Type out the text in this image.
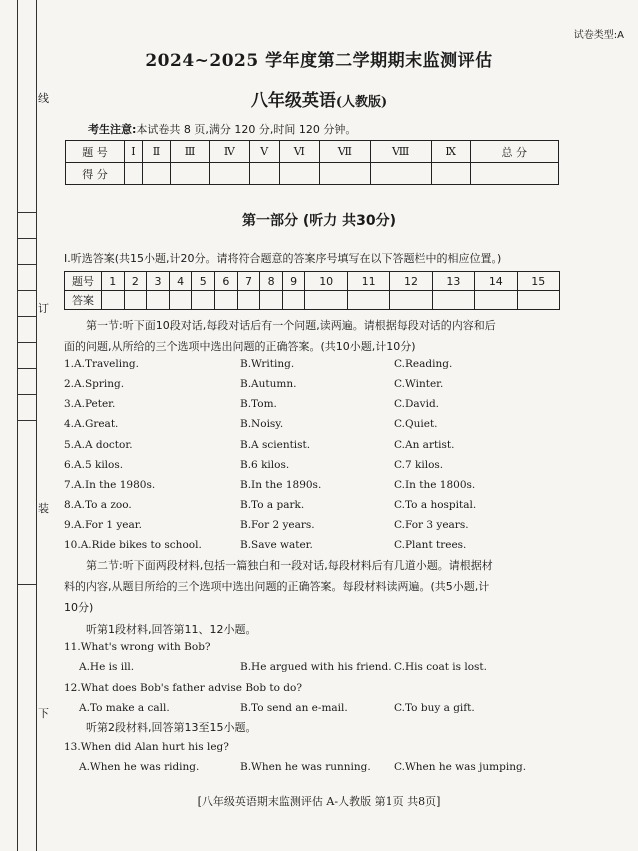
线
订
装
下
试卷类型:A
2024~2025 学年度第二学期期末监测评估
八年级英语(人教版)
考生注意:本试卷共 8 页,满分 120 分,时间 120 分钟。
题 号	Ⅰ	Ⅱ	Ⅲ	Ⅳ	Ⅴ	Ⅵ	Ⅶ	Ⅷ	Ⅸ	总 分
得 分										
第一部分 (听力 共30分)
Ⅰ.听选答案(共15小题,计20分。请将符合题意的答案序号填写在以下答题栏中的相应位置。)
题号	1	2	3	4	5	6	7	8	9	10	11	12	13	14	15
答案															
第一节:听下面10段对话,每段对话后有一个问题,读两遍。请根据每段对话的内容和后
面的问题,从所给的三个选项中选出问题的正确答案。(共10小题,计10分)
1.A.Traveling.	B.Writing.	C.Reading.
2.A.Spring.	B.Autumn.	C.Winter.
3.A.Peter.	B.Tom.	C.David.
4.A.Great.	B.Noisy.	C.Quiet.
5.A.A doctor.	B.A scientist.	C.An artist.
6.A.5 kilos.	B.6 kilos.	C.7 kilos.
7.A.In the 1980s.	B.In the 1890s.	C.In the 1800s.
8.A.To a zoo.	B.To a park.	C.To a hospital.
9.A.For 1 year.	B.For 2 years.	C.For 3 years.
10.A.Ride bikes to school.	B.Save water.	C.Plant trees.
第二节:听下面两段材料,包括一篇独白和一段对话,每段材料后有几道小题。请根据材
料的内容,从题目所给的三个选项中选出问题的正确答案。每段材料读两遍。(共5小题,计
10分)
听第1段材料,回答第11、12小题。
11.What's wrong with Bob?
A.He is ill.	B.He argued with his friend. C.His coat is lost.
12.What does Bob's father advise Bob to do?
A.To make a call.	B.To send an e-mail.	C.To buy a gift.
听第2段材料,回答第13至15小题。
13.When did Alan hurt his leg?
A.When he was riding.	B.When he was running. C.When he was jumping.
[八年级英语期末监测评估 A-人教版 第1页 共8页]
